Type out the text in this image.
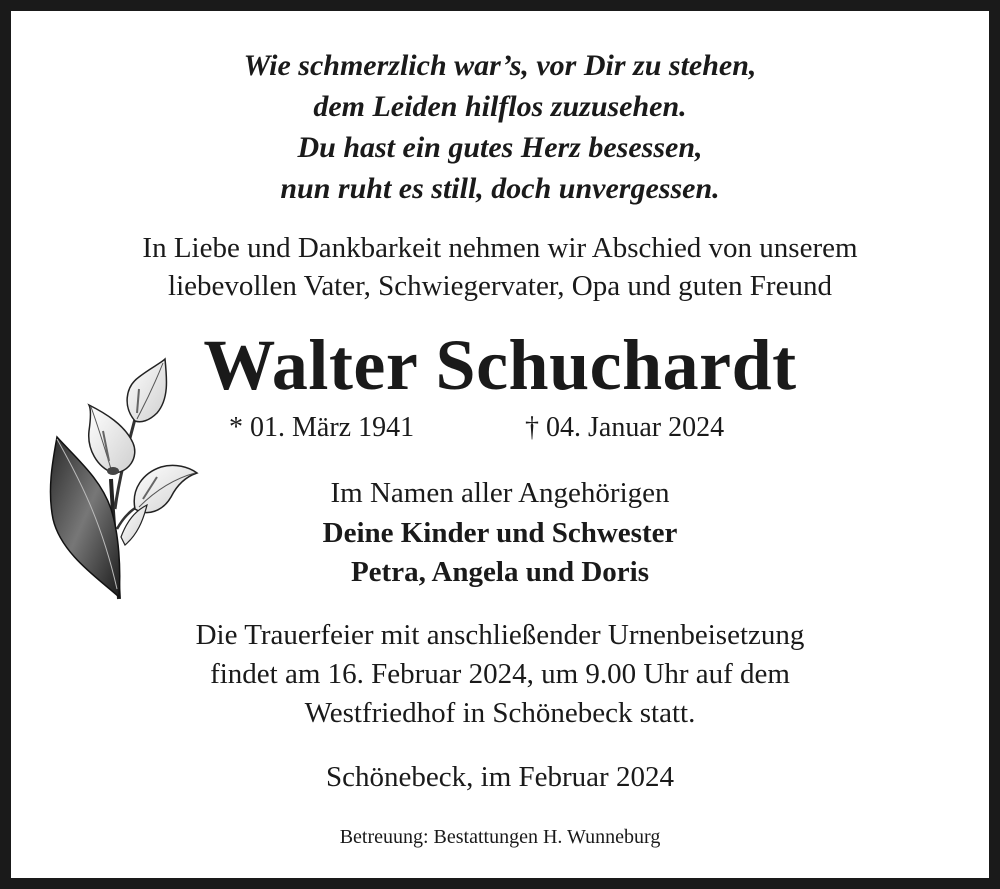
Wie schmerzlich war’s, vor Dir zu stehen,
dem Leiden hilflos zuzusehen.
Du hast ein gutes Herz besessen,
nun ruht es still, doch unvergessen.
In Liebe und Dankbarkeit nehmen wir Abschied von unserem
liebevollen Vater, Schwiegervater, Opa und guten Freund
Walter Schuchardt
* 01. März 1941	† 04. Januar 2024
Im Namen aller Angehörigen
Deine Kinder und Schwester
Petra, Angela und Doris
Die Trauerfeier mit anschließender Urnenbeisetzung
findet am 16. Februar 2024, um 9.00 Uhr auf dem
Westfriedhof in Schönebeck statt.
Schönebeck, im Februar 2024
Betreuung: Bestattungen H. Wunneburg
